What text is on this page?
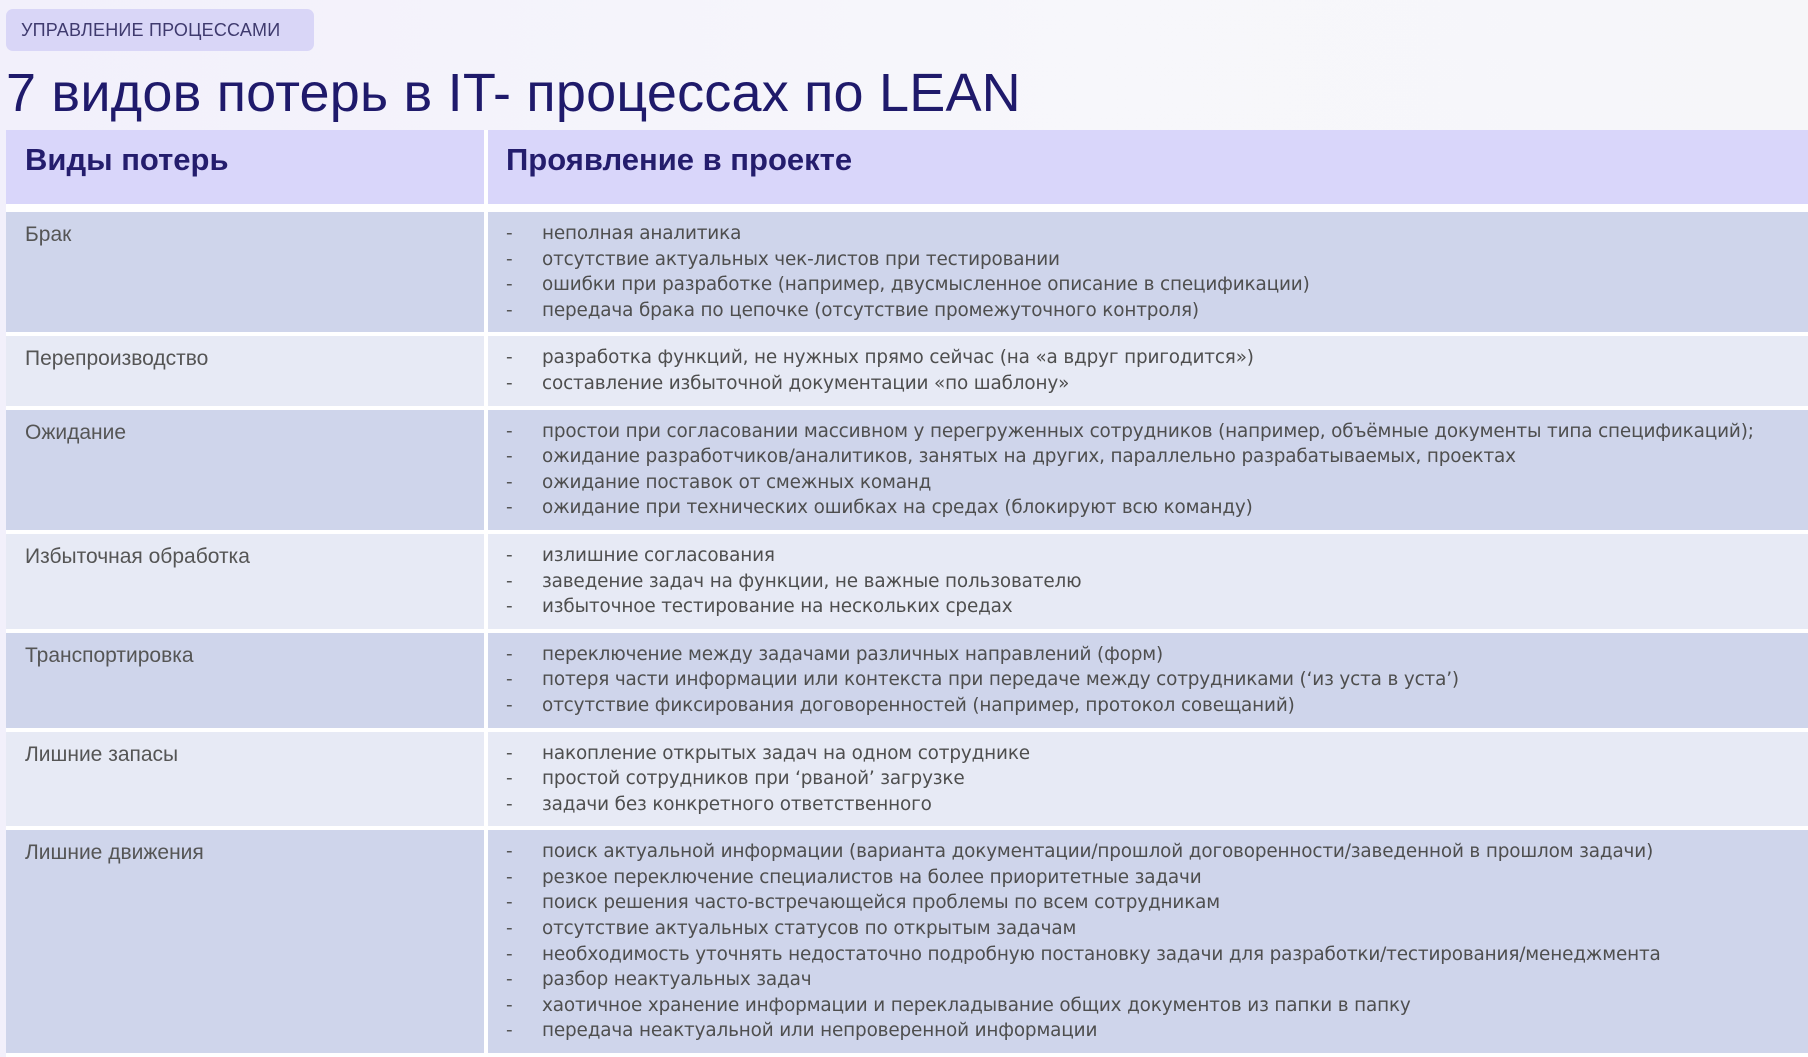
УПРАВЛЕНИЕ ПРОЦЕССАМИ
7 видов потерь в IT- процессах по LEAN
Виды потерь	Проявление в проекте
Брак	-	неполная аналитика
-	отсутствие актуальных чек-листов при тестировании
-	ошибки при разработке (например, двусмысленное описание в спецификации)
-	передача брака по цепочке (отсутствие промежуточного контроля)
Перепроизводство	-	разработка функций, не нужных прямо сейчас (на «а вдруг пригодится»)
-	составление избыточной документации «по шаблону»
Ожидание	-	простои при согласовании массивном у перегруженных сотрудников (например, объёмные документы типа спецификаций);
-	ожидание разработчиков/аналитиков, занятых на других, параллельно разрабатываемых, проектах
-	ожидание поставок от смежных команд
-	ожидание при технических ошибках на средах (блокируют всю команду)
Избыточная обработка	-	излишние согласования
-	заведение задач на функции, не важные пользователю
-	избыточное тестирование на нескольких средах
Транспортировка	-	переключение между задачами различных направлений (форм)
-	потеря части информации или контекста при передаче между сотрудниками (‘из уста в уста’)
-	отсутствие фиксирования договоренностей (например, протокол совещаний)
Лишние запасы	-	накопление открытых задач на одном сотруднике
-	простой сотрудников при ‘рваной’ загрузке
-	задачи без конкретного ответственного
Лишние движения	-	поиск актуальной информации (варианта документации/прошлой договоренности/заведенной в прошлом задачи)
-	резкое переключение специалистов на более приоритетные задачи
-	поиск решения часто-встречающейся проблемы по всем сотрудникам
-	отсутствие актуальных статусов по открытым задачам
-	необходимость уточнять недостаточно подробную постановку задачи для разработки/тестирования/менеджмента
-	разбор неактуальных задач
-	хаотичное хранение информации и перекладывание общих документов из папки в папку
-	передача неактуальной или непроверенной информации
